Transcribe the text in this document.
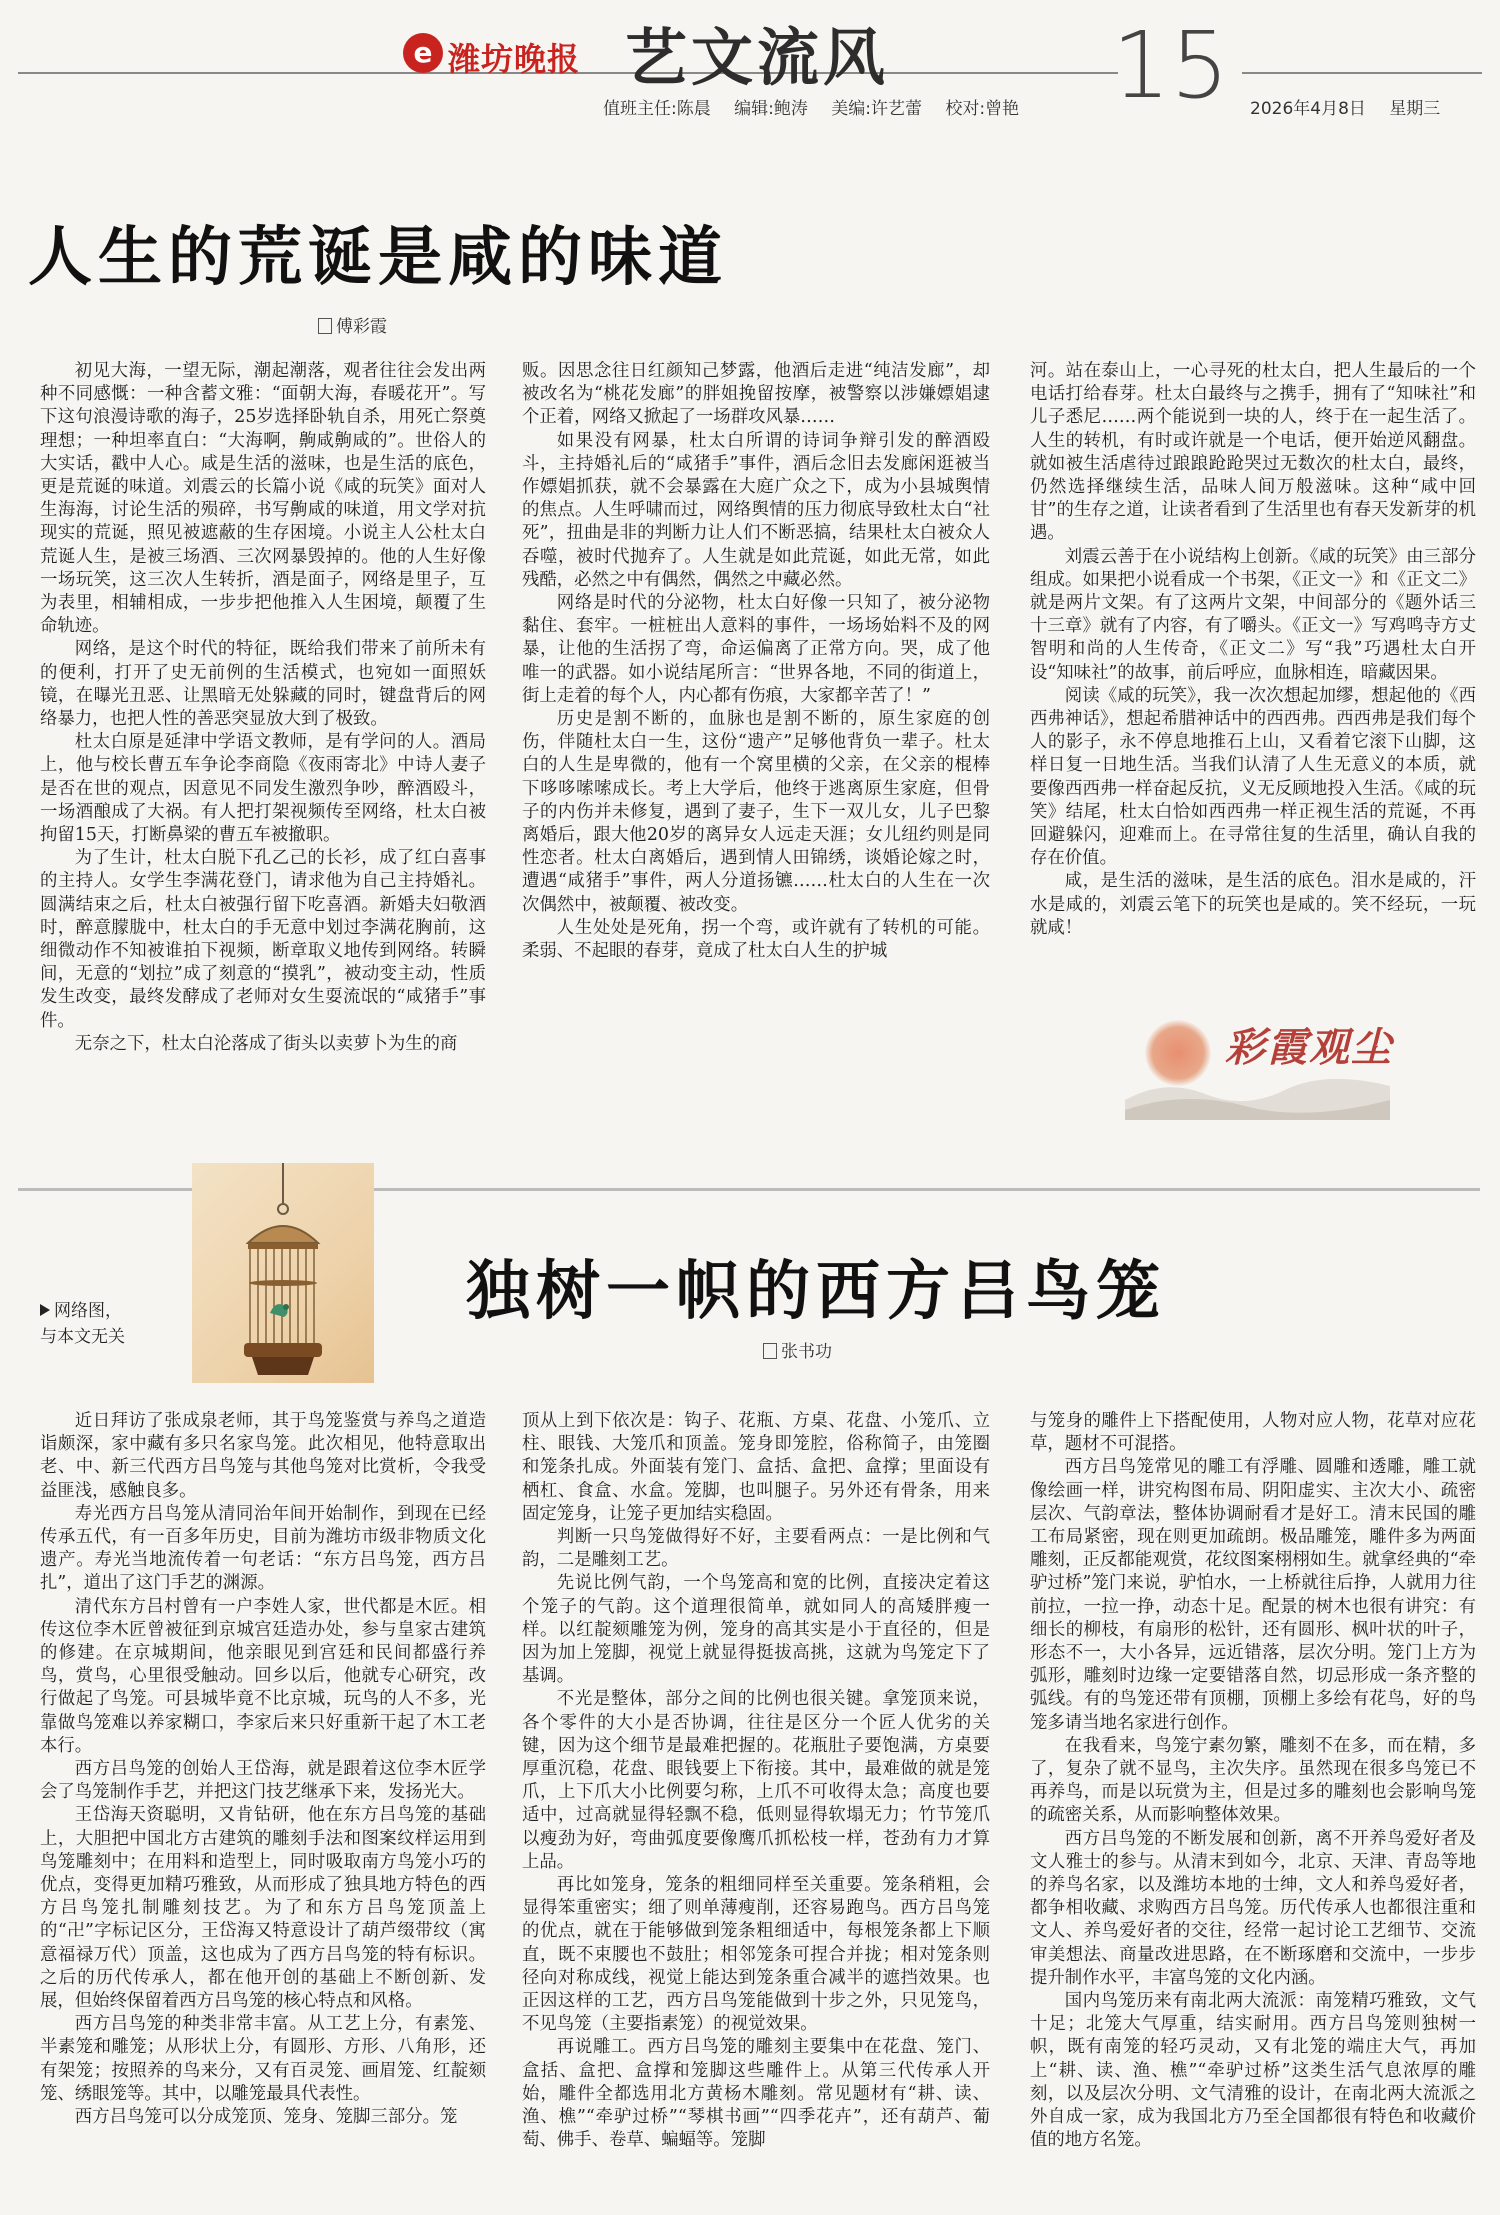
e 潍坊晚报 艺文流风
值班主任:陈晨 编辑:鲍涛 美编:许艺蕾 校对:曾艳 15 2026年4月8日 星期三
人生的荒诞是咸的味道
傅彩霞

初见大海，一望无际，潮起潮落，观者往往会发出两种不同感慨：一种含蓄文雅：“面朝大海，春暖花开”。写下这句浪漫诗歌的海子，25岁选择卧轨自杀，用死亡祭奠理想；一种坦率直白：“大海啊，齁咸齁咸的”。世俗人的大实话，戳中人心。咸是生活的滋味，也是生活的底色，更是荒诞的味道。刘震云的长篇小说《咸的玩笑》面对人生海海，讨论生活的殒碎，书写齁咸的味道，用文学对抗现实的荒诞，照见被遮蔽的生存困境。小说主人公杜太白荒诞人生，是被三场酒、三次网暴毁掉的。他的人生好像一场玩笑，这三次人生转折，酒是面子，网络是里子，互为表里，相辅相成，一步步把他推入人生困境，颠覆了生命轨迹。

网络，是这个时代的特征，既给我们带来了前所未有的便利，打开了史无前例的生活模式，也宛如一面照妖镜，在曝光丑恶、让黑暗无处躲藏的同时，键盘背后的网络暴力，也把人性的善恶突显放大到了极致。

杜太白原是延津中学语文教师，是有学问的人。酒局上，他与校长曹五车争论李商隐《夜雨寄北》中诗人妻子是否在世的观点，因意见不同发生激烈争吵，醉酒殴斗，一场酒酿成了大祸。有人把打架视频传至网络，杜太白被拘留15天，打断鼻梁的曹五车被撤职。

为了生计，杜太白脱下孔乙己的长衫，成了红白喜事的主持人。女学生李满花登门，请求他为自己主持婚礼。圆满结束之后，杜太白被强行留下吃喜酒。新婚夫妇敬酒时，醉意朦胧中，杜太白的手无意中划过李满花胸前，这细微动作不知被谁拍下视频，断章取义地传到网络。转瞬间，无意的“划拉”成了刻意的“摸乳”，被动变主动，性质发生改变，最终发酵成了老师对女生耍流氓的“咸猪手”事件。

无奈之下，杜太白沦落成了街头以卖萝卜为生的商

贩。因思念往日红颜知己梦露，他酒后走进“纯洁发廊”，却被改名为“桃花发廊”的胖姐挽留按摩，被警察以涉嫌嫖娼逮个正着，网络又掀起了一场群攻风暴……

如果没有网暴，杜太白所谓的诗词争辩引发的醉酒殴斗，主持婚礼后的“咸猪手”事件，酒后念旧去发廊闲逛被当作嫖娼抓获，就不会暴露在大庭广众之下，成为小县城舆情的焦点。人生呼啸而过，网络舆情的压力彻底导致杜太白“社死”，扭曲是非的判断力让人们不断恶搞，结果杜太白被众人吞噬，被时代抛弃了。人生就是如此荒诞，如此无常，如此残酷，必然之中有偶然，偶然之中藏必然。

网络是时代的分泌物，杜太白好像一只知了，被分泌物黏住、套牢。一桩桩出人意料的事件，一场场始料不及的网暴，让他的生活拐了弯，命运偏离了正常方向。哭，成了他唯一的武器。如小说结尾所言：“世界各地，不同的街道上，街上走着的每个人，内心都有伤痕，大家都辛苦了！”

历史是割不断的，血脉也是割不断的，原生家庭的创伤，伴随杜太白一生，这份“遗产”足够他背负一辈子。杜太白的人生是卑微的，他有一个窝里横的父亲，在父亲的棍棒下哆哆嗦嗦成长。考上大学后，他终于逃离原生家庭，但骨子的内伤并未修复，遇到了妻子，生下一双儿女，儿子巴黎离婚后，跟大他20岁的离异女人远走天涯；女儿纽约则是同性恋者。杜太白离婚后，遇到情人田锦绣，谈婚论嫁之时，遭遇“咸猪手”事件，两人分道扬镳……杜太白的人生在一次次偶然中，被颠覆、被改变。

人生处处是死角，拐一个弯，或许就有了转机的可能。柔弱、不起眼的春芽，竟成了杜太白人生的护城

河。站在泰山上，一心寻死的杜太白，把人生最后的一个电话打给春芽。杜太白最终与之携手，拥有了“知味社”和儿子悉尼……两个能说到一块的人，终于在一起生活了。人生的转机，有时或许就是一个电话，便开始逆风翻盘。就如被生活虐待过踉踉跄跄哭过无数次的杜太白，最终，仍然选择继续生活，品味人间万般滋味。这种“咸中回甘”的生存之道，让读者看到了生活里也有春天发新芽的机遇。

刘震云善于在小说结构上创新。《咸的玩笑》由三部分组成。如果把小说看成一个书架，《正文一》和《正文二》就是两片文架。有了这两片文架，中间部分的《题外话三十三章》就有了内容，有了嚼头。《正文一》写鸡鸣寺方丈智明和尚的人生传奇，《正文二》写“我”巧遇杜太白开设“知味社”的故事，前后呼应，血脉相连，暗藏因果。

阅读《咸的玩笑》，我一次次想起加缪，想起他的《西西弗神话》，想起希腊神话中的西西弗。西西弗是我们每个人的影子，永不停息地推石上山，又看着它滚下山脚，这样日复一日地生活。当我们认清了人生无意义的本质，就要像西西弗一样奋起反抗，义无反顾地投入生活。《咸的玩笑》结尾，杜太白恰如西西弗一样正视生活的荒诞，不再回避躲闪，迎难而上。在寻常往复的生活里，确认自我的存在价值。

咸，是生活的滋味，是生活的底色。泪水是咸的，汗水是咸的，刘震云笔下的玩笑也是咸的。笑不经玩，一玩就咸！

彩霞观尘
网络图，
与本文无关
独树一帜的西方吕鸟笼
张书功

近日拜访了张成泉老师，其于鸟笼鉴赏与养鸟之道造诣颇深，家中藏有多只名家鸟笼。此次相见，他特意取出老、中、新三代西方吕鸟笼与其他鸟笼对比赏析，令我受益匪浅，感触良多。

寿光西方吕鸟笼从清同治年间开始制作，到现在已经传承五代，有一百多年历史，目前为潍坊市级非物质文化遗产。寿光当地流传着一句老话：“东方吕鸟笼，西方吕扎”，道出了这门手艺的渊源。

清代东方吕村曾有一户李姓人家，世代都是木匠。相传这位李木匠曾被征到京城宫廷造办处，参与皇家古建筑的修建。在京城期间，他亲眼见到宫廷和民间都盛行养鸟，赏鸟，心里很受触动。回乡以后，他就专心研究，改行做起了鸟笼。可县城毕竟不比京城，玩鸟的人不多，光靠做鸟笼难以养家糊口，李家后来只好重新干起了木工老本行。

西方吕鸟笼的创始人王岱海，就是跟着这位李木匠学会了鸟笼制作手艺，并把这门技艺继承下来，发扬光大。

王岱海天资聪明，又肯钻研，他在东方吕鸟笼的基础上，大胆把中国北方古建筑的雕刻手法和图案纹样运用到鸟笼雕刻中；在用料和造型上，同时吸取南方鸟笼小巧的优点，变得更加精巧雅致，从而形成了独具地方特色的西方吕鸟笼扎制雕刻技艺。为了和东方吕鸟笼顶盖上的“卍”字标记区分，王岱海又特意设计了葫芦缀带纹（寓意福禄万代）顶盖，这也成为了西方吕鸟笼的特有标识。之后的历代传承人，都在他开创的基础上不断创新、发展，但始终保留着西方吕鸟笼的核心特点和风格。

西方吕鸟笼的种类非常丰富。从工艺上分，有素笼、半素笼和雕笼；从形状上分，有圆形、方形、八角形，还有架笼；按照养的鸟来分，又有百灵笼、画眉笼、红靛颏笼、绣眼笼等。其中，以雕笼最具代表性。

西方吕鸟笼可以分成笼顶、笼身、笼脚三部分。笼

顶从上到下依次是：钩子、花瓶、方桌、花盘、小笼爪、立柱、眼钱、大笼爪和顶盖。笼身即笼腔，俗称简子，由笼圈和笼条扎成。外面装有笼门、盒括、盒把、盒撑；里面设有栖杠、食盒、水盒。笼脚，也叫腿子。另外还有骨条，用来固定笼身，让笼子更加结实稳固。

判断一只鸟笼做得好不好，主要看两点：一是比例和气韵，二是雕刻工艺。

先说比例气韵，一个鸟笼高和宽的比例，直接决定着这个笼子的气韵。这个道理很简单，就如同人的高矮胖瘦一样。以红靛颏雕笼为例，笼身的高其实是小于直径的，但是因为加上笼脚，视觉上就显得挺拔高挑，这就为鸟笼定下了基调。

不光是整体，部分之间的比例也很关键。拿笼顶来说，各个零件的大小是否协调，往往是区分一个匠人优劣的关键，因为这个细节是最难把握的。花瓶肚子要饱满，方桌要厚重沉稳，花盘、眼钱要上下衔接。其中，最难做的就是笼爪，上下爪大小比例要匀称，上爪不可收得太急；高度也要适中，过高就显得轻飘不稳，低则显得软塌无力；竹节笼爪以瘦劲为好，弯曲弧度要像鹰爪抓松枝一样，苍劲有力才算上品。

再比如笼身，笼条的粗细同样至关重要。笼条稍粗，会显得笨重密实；细了则单薄瘦削，还容易跑鸟。西方吕鸟笼的优点，就在于能够做到笼条粗细适中，每根笼条都上下顺直，既不束腰也不鼓肚；相邻笼条可捏合并拢；相对笼条则径向对称成线，视觉上能达到笼条重合减半的遮挡效果。也正因这样的工艺，西方吕鸟笼能做到十步之外，只见笼鸟，不见鸟笼（主要指素笼）的视觉效果。

再说雕工。西方吕鸟笼的雕刻主要集中在花盘、笼门、盒括、盒把、盒撑和笼脚这些雕件上。从第三代传承人开始，雕件全都选用北方黄杨木雕刻。常见题材有“耕、读、渔、樵”“牵驴过桥”“琴棋书画”“四季花卉”，还有葫芦、葡萄、佛手、卷草、蝙蝠等。笼脚

与笼身的雕件上下搭配使用，人物对应人物，花草对应花草，题材不可混搭。

西方吕鸟笼常见的雕工有浮雕、圆雕和透雕，雕工就像绘画一样，讲究构图布局、阴阳虚实、主次大小、疏密层次、气韵章法，整体协调耐看才是好工。清末民国的雕工布局紧密，现在则更加疏朗。极品雕笼，雕件多为两面雕刻，正反都能观赏，花纹图案栩栩如生。就拿经典的“牵驴过桥”笼门来说，驴怕水，一上桥就往后挣，人就用力往前拉，一拉一挣，动态十足。配景的树木也很有讲究：有细长的柳枝，有扇形的松针，还有圆形、枫叶状的叶子，形态不一，大小各异，远近错落，层次分明。笼门上方为弧形，雕刻时边缘一定要错落自然，切忌形成一条齐整的弧线。有的鸟笼还带有顶棚，顶棚上多绘有花鸟，好的鸟笼多请当地名家进行创作。

在我看来，鸟笼宁素勿繁，雕刻不在多，而在精，多了，复杂了就不显鸟，主次失序。虽然现在很多鸟笼已不再养鸟，而是以玩赏为主，但是过多的雕刻也会影响鸟笼的疏密关系，从而影响整体效果。

西方吕鸟笼的不断发展和创新，离不开养鸟爱好者及文人雅士的参与。从清末到如今，北京、天津、青岛等地的养鸟名家，以及潍坊本地的士绅，文人和养鸟爱好者，都争相收藏、求购西方吕鸟笼。历代传承人也都很注重和文人、养鸟爱好者的交往，经常一起讨论工艺细节、交流审美想法、商量改进思路，在不断琢磨和交流中，一步步提升制作水平，丰富鸟笼的文化内涵。

国内鸟笼历来有南北两大流派：南笼精巧雅致，文气十足；北笼大气厚重，结实耐用。西方吕鸟笼则独树一帜，既有南笼的轻巧灵动，又有北笼的端庄大气，再加上“耕、读、渔、樵”“牵驴过桥”这类生活气息浓厚的雕刻，以及层次分明、文气清雅的设计，在南北两大流派之外自成一家，成为我国北方乃至全国都很有特色和收藏价值的地方名笼。
